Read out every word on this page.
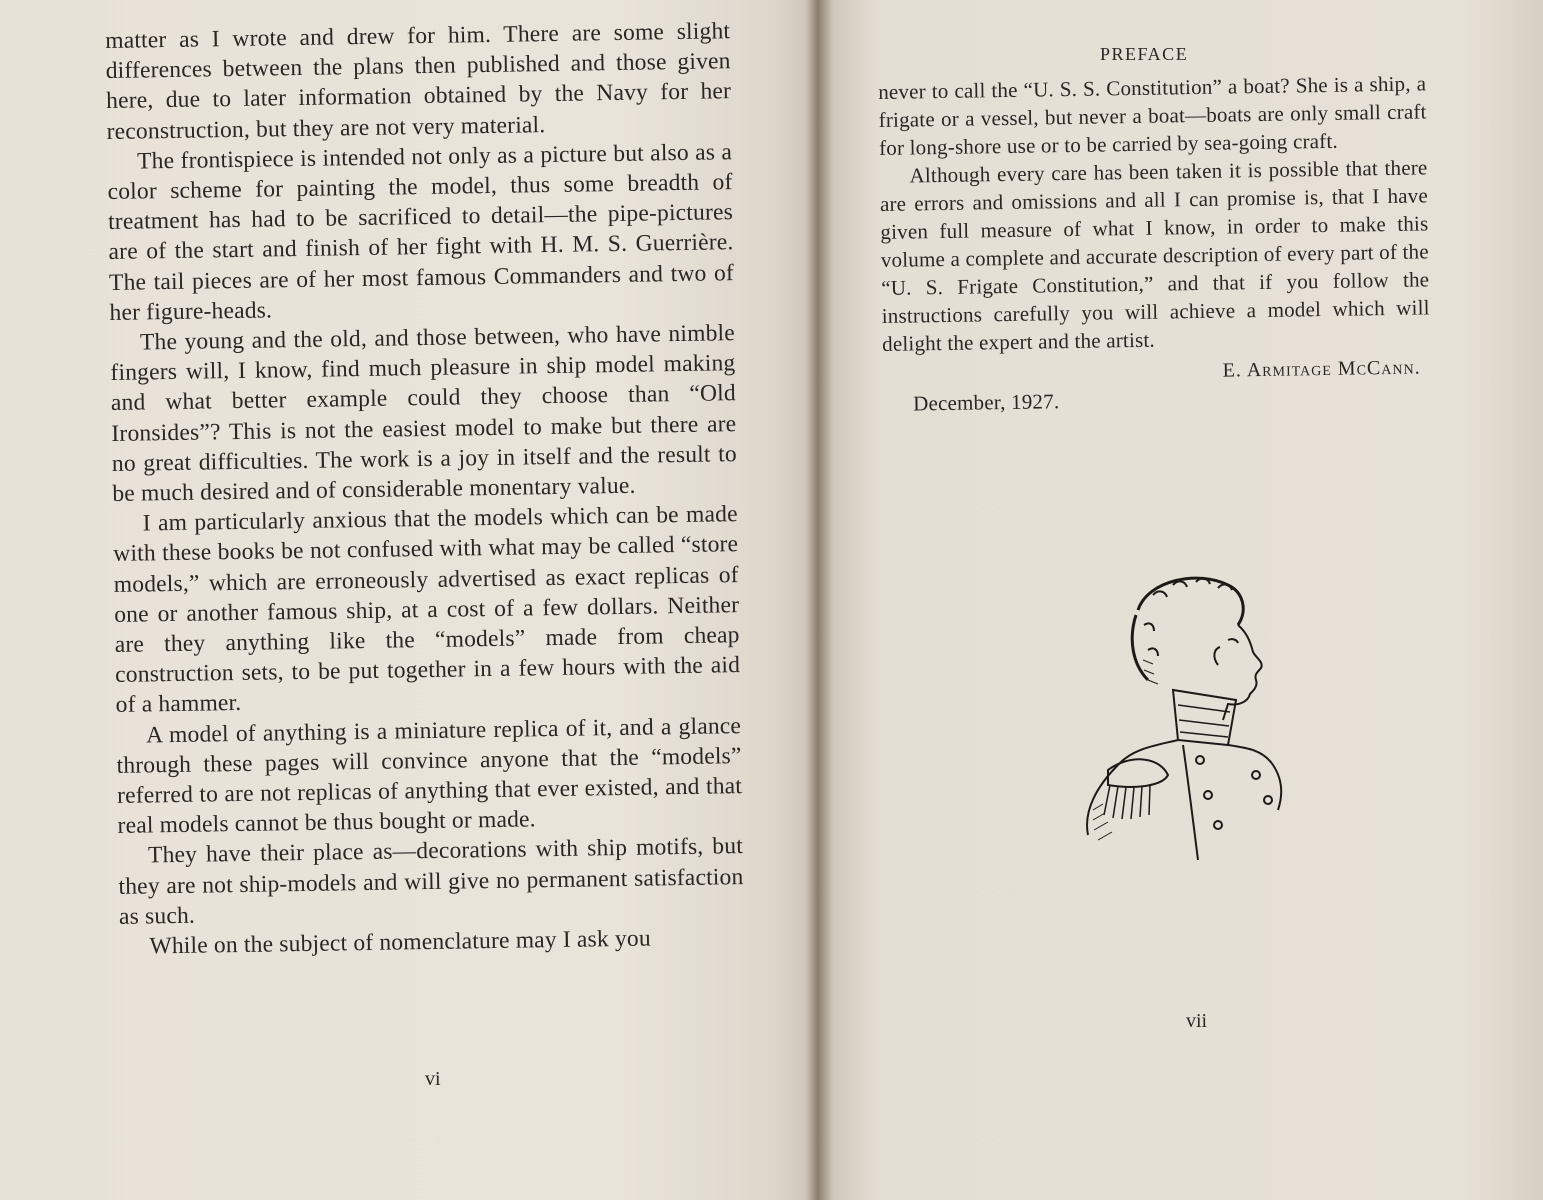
matter as I wrote and drew for him. There are some slight differences between the plans then published and those given here, due to later information obtained by the Navy for her reconstruction, but they are not very material.

The frontispiece is intended not only as a picture but also as a color scheme for painting the model, thus some breadth of treatment has had to be sacrificed to detail—the pipe-pictures are of the start and finish of her fight with H. M. S. Guerrière. The tail pieces are of her most famous Commanders and two of her figure-heads.

The young and the old, and those between, who have nimble fingers will, I know, find much pleasure in ship model making and what better example could they choose than “Old Ironsides”? This is not the easiest model to make but there are no great difficulties. The work is a joy in itself and the result to be much desired and of considerable monentary value.

I am particularly anxious that the models which can be made with these books be not confused with what may be called “store models,” which are erroneously advertised as exact replicas of one or another famous ship, at a cost of a few dollars. Neither are they anything like the “models” made from cheap construction sets, to be put together in a few hours with the aid of a hammer.

A model of anything is a miniature replica of it, and a glance through these pages will convince anyone that the “models” referred to are not replicas of anything that ever existed, and that real models cannot be thus bought or made.

They have their place as—decorations with ship motifs, but they are not ship-models and will give no permanent satisfaction as such.

While on the subject of nomenclature may I ask you

vi
PREFACE

never to call the “U. S. S. Constitution” a boat? She is a ship, a frigate or a vessel, but never a boat—boats are only small craft for long-shore use or to be carried by sea-going craft.

Although every care has been taken it is possible that there are errors and omissions and all I can promise is, that I have given full measure of what I know, in order to make this volume a complete and accurate description of every part of the “U. S. Frigate Constitution,” and that if you follow the instructions carefully you will achieve a model which will delight the expert and the artist.

E. Armitage McCann.

December, 1927.

vii
